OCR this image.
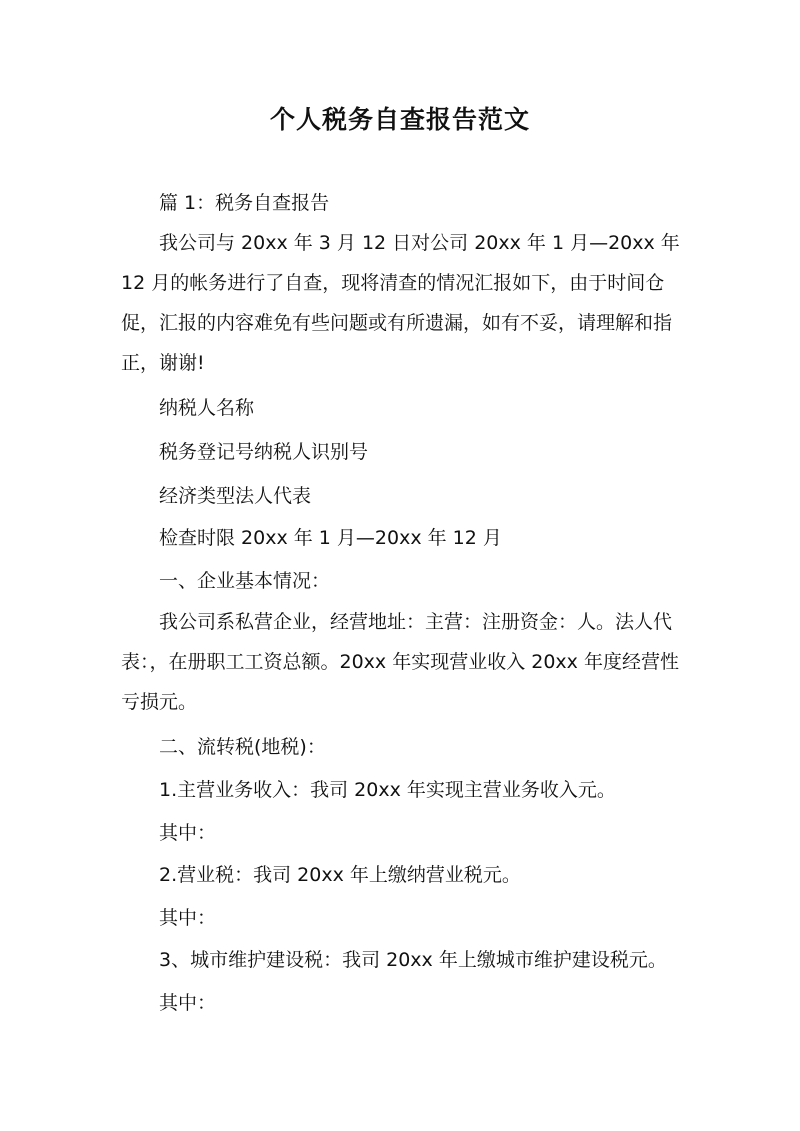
个人税务自查报告范文
篇 1：税务自查报告
我公司与 20xx 年 3 月 12 日对公司 20xx 年 1 月—20xx 年 12 月的帐务进行了自查，现将清查的情况汇报如下，由于时间仓促，汇报的内容难免有些问题或有所遗漏，如有不妥，请理解和指正，谢谢!
纳税人名称
税务登记号纳税人识别号
经济类型法人代表
检查时限 20xx 年 1 月—20xx 年 12 月
一、企业基本情况：
我公司系私营企业，经营地址：主营：注册资金：人。法人代表：，在册职工工资总额。20xx 年实现营业收入 20xx 年度经营性亏损元。
二、流转税(地税)：
1.主营业务收入：我司 20xx 年实现主营业务收入元。
其中：
2.营业税：我司 20xx 年上缴纳营业税元。
其中：
3、城市维护建设税：我司 20xx 年上缴城市维护建设税元。
其中：
